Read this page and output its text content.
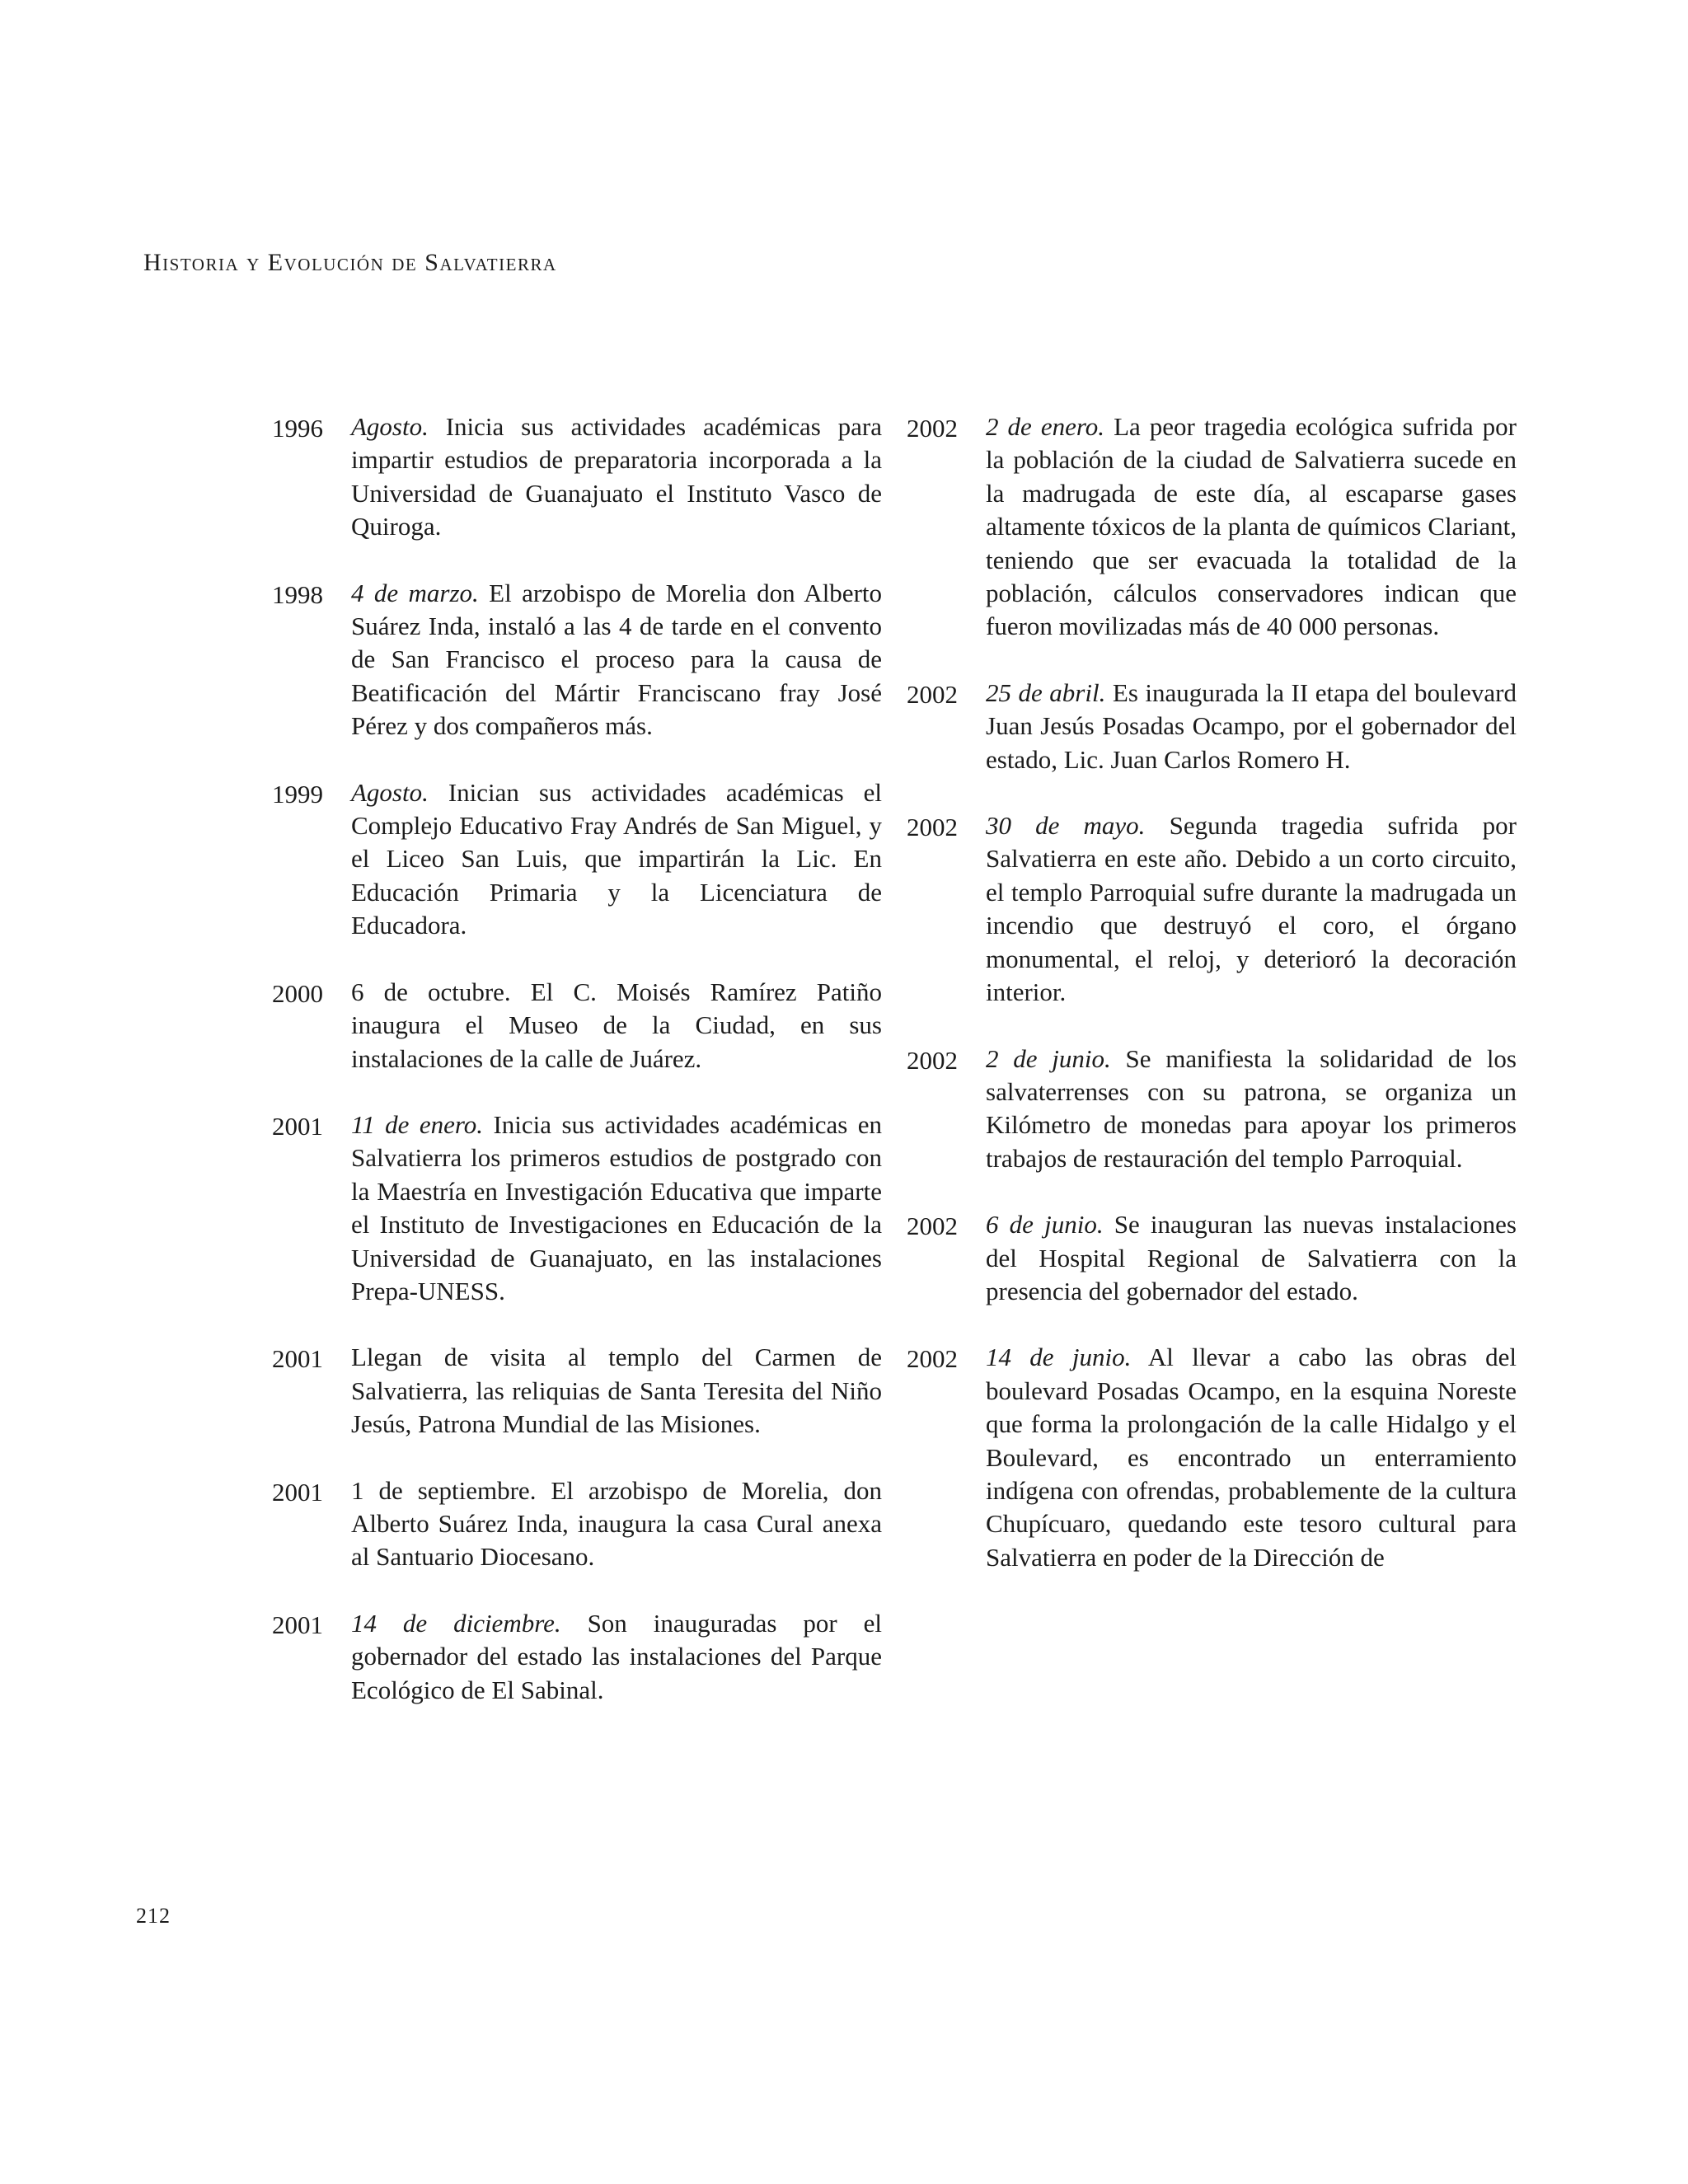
Historia y Evolución de Salvatierra
1996	Agosto. Inicia sus actividades académicas para impartir estudios de preparatoria incorporada a la Universidad de Guanajuato el Instituto Vasco de Quiroga.
1998	4 de marzo. El arzobispo de Morelia don Alberto Suárez Inda, instaló a las 4 de tarde en el convento de San Francisco el proceso para la causa de Beatificación del Mártir Franciscano fray José Pérez y dos compañeros más.
1999	Agosto. Inician sus actividades académicas el Complejo Educativo Fray Andrés de San Miguel, y el Liceo San Luis, que impartirán la Lic. En Educación Primaria y la Licenciatura de Educadora.
2000	6 de octubre. El C. Moisés Ramírez Patiño inaugura el Museo de la Ciudad, en sus instalaciones de la calle de Juárez.
2001	11 de enero. Inicia sus actividades académicas en Salvatierra los primeros estudios de postgrado con la Maestría en Investigación Educativa que imparte el Instituto de Investigaciones en Educación de la Universidad de Guanajuato, en las instalaciones Prepa-UNESS.
2001	Llegan de visita al templo del Carmen de Salvatierra, las reliquias de Santa Teresita del Niño Jesús, Patrona Mundial de las Misiones.
2001	1 de septiembre. El arzobispo de Morelia, don Alberto Suárez Inda, inaugura la casa Cural anexa al Santuario Diocesano.
2001	14 de diciembre. Son inauguradas por el gobernador del estado las instalaciones del Parque Ecológico de El Sabinal.
2002	2 de enero. La peor tragedia ecológica sufrida por la población de la ciudad de Salvatierra sucede en la madrugada de este día, al escaparse gases altamente tóxicos de la planta de químicos Clariant, teniendo que ser evacuada la totalidad de la población, cálculos conservadores indican que fueron movilizadas más de 40 000 personas.
2002	25 de abril. Es inaugurada la II etapa del boulevard Juan Jesús Posadas Ocampo, por el gobernador del estado, Lic. Juan Carlos Romero H.
2002	30 de mayo. Segunda tragedia sufrida por Salvatierra en este año. Debido a un corto circuito, el templo Parroquial sufre durante la madrugada un incendio que destruyó el coro, el órgano monumental, el reloj, y deterioró la decoración interior.
2002	2 de junio. Se manifiesta la solidaridad de los salvaterrenses con su patrona, se organiza un Kilómetro de monedas para apoyar los primeros trabajos de restauración del templo Parroquial.
2002	6 de junio. Se inauguran las nuevas instalaciones del Hospital Regional de Salvatierra con la presencia del gobernador del estado.
2002	14 de junio. Al llevar a cabo las obras del boulevard Posadas Ocampo, en la esquina Noreste que forma la prolongación de la calle Hidalgo y el Boulevard, es encontrado un enterramiento indígena con ofrendas, probablemente de la cultura Chupícuaro, quedando este tesoro cultural para Salvatierra en poder de la Dirección de
212
